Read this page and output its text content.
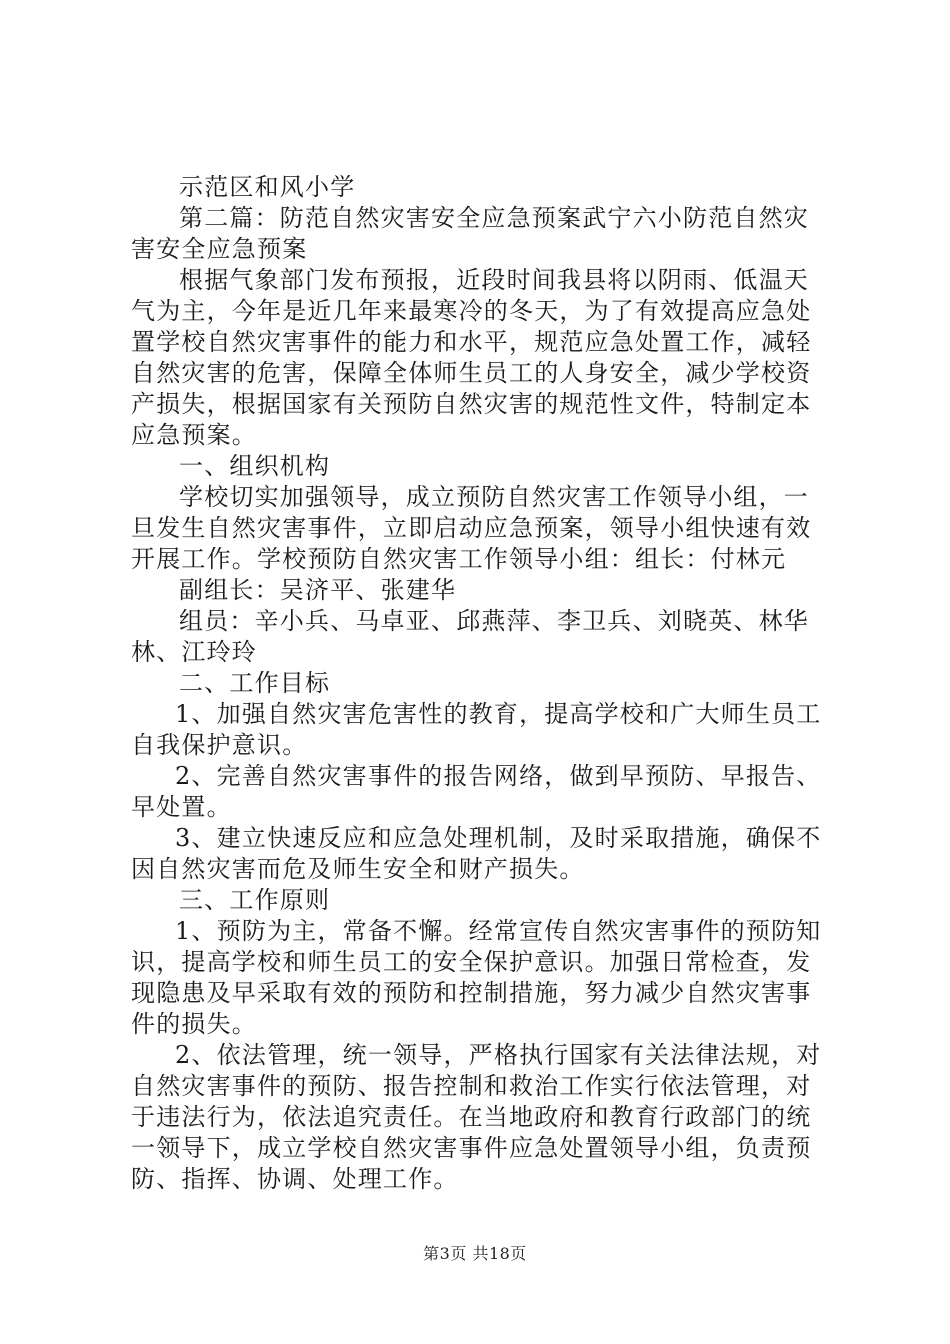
示范区和风小学
第二篇：防范自然灾害安全应急预案武宁六小防范自然灾
害安全应急预案
根据气象部门发布预报，近段时间我县将以阴雨、低温天
气为主，今年是近几年来最寒冷的冬天，为了有效提高应急处
置学校自然灾害事件的能力和水平，规范应急处置工作，减轻
自然灾害的危害，保障全体师生员工的人身安全，减少学校资
产损失，根据国家有关预防自然灾害的规范性文件，特制定本
应急预案。
一、组织机构
学校切实加强领导，成立预防自然灾害工作领导小组，一
旦发生自然灾害事件，立即启动应急预案，领导小组快速有效
开展工作。学校预防自然灾害工作领导小组：组长：付林元
副组长：吴济平、张建华
组员：辛小兵、马卓亚、邱燕萍、李卫兵、刘晓英、林华
林、江玲玲
二、工作目标
1、加强自然灾害危害性的教育，提高学校和广大师生员工
自我保护意识。
2、完善自然灾害事件的报告网络，做到早预防、早报告、
早处置。
3、建立快速反应和应急处理机制，及时采取措施，确保不
因自然灾害而危及师生安全和财产损失。
三、工作原则
1、预防为主，常备不懈。经常宣传自然灾害事件的预防知
识，提高学校和师生员工的安全保护意识。加强日常检查，发
现隐患及早采取有效的预防和控制措施，努力减少自然灾害事
件的损失。
2、依法管理，统一领导，严格执行国家有关法律法规，对
自然灾害事件的预防、报告控制和救治工作实行依法管理，对
于违法行为，依法追究责任。在当地政府和教育行政部门的统
一领导下，成立学校自然灾害事件应急处置领导小组，负责预
防、指挥、协调、处理工作。
第3页 共18页
